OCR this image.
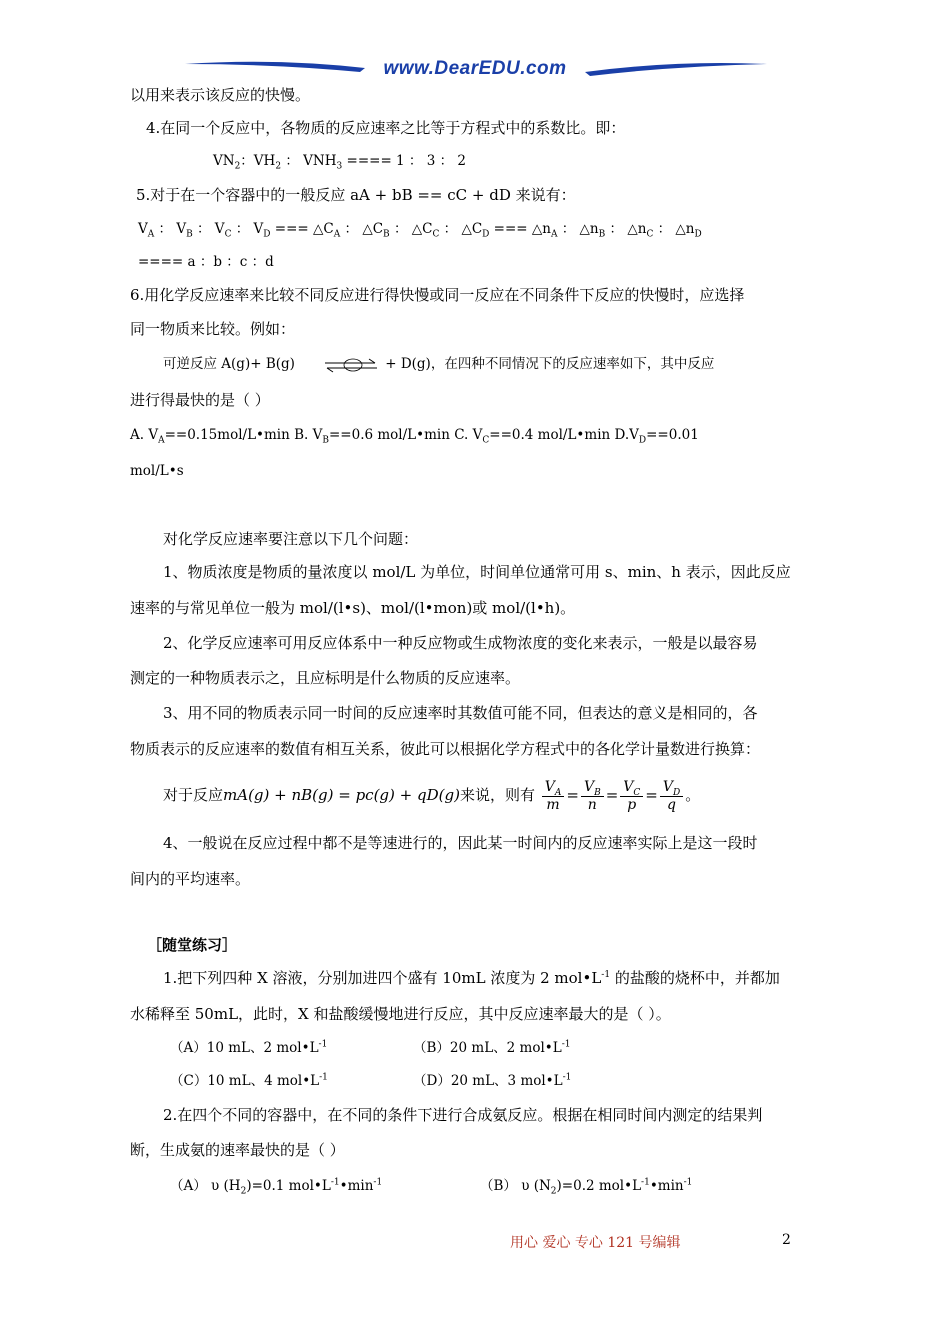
www.DearEDU.com
以用来表示该反应的快慢。
4.在同一个反应中，各物质的反应速率之比等于方程式中的系数比。即：
$VN_2$：$VH_2$ ： $VNH_3$ ==== 1 ： 3 ： 2
5.对于在一个容器中的一般反应 aA + bB == cC + dD 来说有：
$V_A$ ： $V_B$ ： $V_C$ ： $V_D$ === $\triangle C_A$ ： $\triangle C_B$ ： $\triangle C_C$ ： $\triangle C_D$ === $\triangle n_A$ ： $\triangle n_B$ ： $\triangle n_C$ ： $\triangle n_D$
==== a ：b ：c ：d
6.用化学反应速率来比较不同反应进行得快慢或同一反应在不同条件下反应的快慢时，应选择
同一物质来比较。例如：
可逆反应 A(g)+ B(g)	+ D(g)，在四种不同情况下的反应速率如下，其中反应
进行得最快的是（ ）
A. $V_A==0.15mol/L•\min$ B. $V_B==0.6$ mol/L•min C. $V_C==0.4$ mol/L•min $D.V_D==0.01$
mol/L•s
对化学反应速率要注意以下几个问题：
1、物质浓度是物质的量浓度以 mol/L 为单位，时间单位通常可用 s、min、h 表示，因此反应
速率的与常见单位一般为 mol/(l•s)、mol/(l•mon)或 mol/(l•h)。
2、化学反应速率可用反应体系中一种反应物或生成物浓度的变化来表示，一般是以最容易
测定的一种物质表示之，且应标明是什么物质的反应速率。
3、用不同的物质表示同一时间的反应速率时其数值可能不同，但表达的意义是相同的，各
物质表示的反应速率的数值有相互关系，彼此可以根据化学方程式中的各化学计量数进行换算：
对于反应mA(g) + nB(g) = pc(g) + qD(g)来说，则有 $\frac{V_A}{m} = \frac{V_B}{n} = \frac{V_C}{p} = \frac{V_D}{q}$ 。
4、一般说在反应过程中都不是等速进行的，因此某一时间内的反应速率实际上是这一段时
间内的平均速率。
［随堂练习］
1.把下列四种 X 溶液，分别加进四个盛有 10mL 浓度为 2 $mol•L^{-1}$ 的盐酸的烧杯中，并都加
水稀释至 50mL，此时，X 和盐酸缓慢地进行反应，其中反应速率最大的是（ ）。
（A）10 mL、2 $mol•L^{-1}$	（B）20 mL、2 $mol•L^{-1}$
（C）10 mL、4 $mol•L^{-1}$	（D）20 mL、3 $mol•L^{-1}$
2.在四个不同的容器中，在不同的条件下进行合成氨反应。根据在相同时间内测定的结果判
断，生成氨的速率最快的是（ ）
（A） υ $(H_2)=0.1$ $mol•L^{-1}•\min^{-1}$	（B） υ $(N_2)=0.2$ $mol•L^{-1}•\min^{-1}$
用心 爱心 专心 121 号编辑	2
